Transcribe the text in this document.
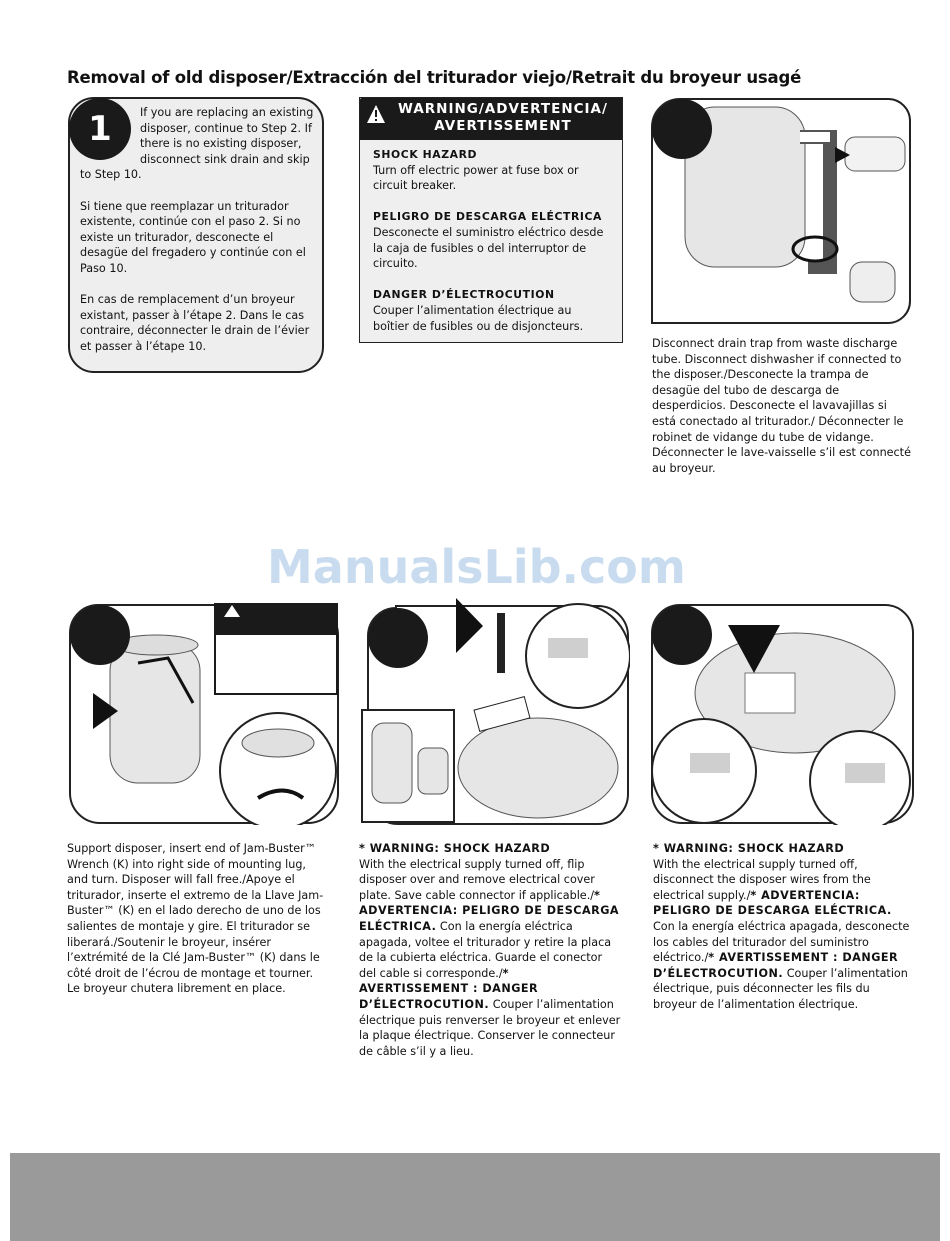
Removal of old disposer/Extracción del triturador viejo/Retrait du broyeur usagé

If you are replacing an existing disposer, continue to Step 2. If there is no existing disposer, disconnect sink drain and skip to Step 10.

Si tiene que reemplazar un triturador existente, continúe con el paso 2. Si no existe un triturador, desconecte el desagüe del fregadero y continúe con el Paso 10.

En cas de remplacement d’un broyeur existant, passer à l’étape 2. Dans le cas contraire, déconnecter le drain de l’évier et passer à l’étape 10.

1	WARNING/ADVERTENCIA/
AVERTISSEMENT
SHOCK HAZARD

Turn off electric power at fuse box or circuit breaker.

PELIGRO DE DESCARGA ELÉCTRICA

Desconecte el suministro eléctrico desde la caja de fusibles o del interruptor de circuito.

DANGER D’ÉLECTROCUTION

Couper l’alimentation électrique au boîtier de fusibles ou de disjoncteurs.

Disconnect drain trap from waste discharge tube. Disconnect dishwasher if connected to the disposer./Desconecte la trampa de desagüe del tubo de descarga de desperdicios. Desconecte el lavavajillas si está conectado al triturador./ Déconnecter le robinet de vidange du tube de vidange. Déconnecter le lave-vaisselle s’il est connecté au broyeur.
ManualsLib.com
Support disposer, insert end of Jam-Buster™ Wrench (K) into right side of mounting lug, and turn. Disposer will fall free./Apoye el triturador, inserte el extremo de la Llave Jam-Buster™ (K) en el lado derecho de uno de los salientes de montaje y gire. El triturador se liberará./Soutenir le broyeur, insérer l’extrémité de la Clé Jam-Buster™ (K) dans le côté droit de l’écrou de montage et tourner. Le broyeur chutera librement en place.
* WARNING: SHOCK HAZARD
With the electrical supply turned off, flip disposer over and remove electrical cover plate. Save cable connector if applicable./* ADVERTENCIA: PELIGRO DE DESCARGA ELÉCTRICA. Con la energía eléctrica apagada, voltee el triturador y retire la placa de la cubierta eléctrica. Guarde el conector del cable si corresponde./* AVERTISSEMENT : DANGER D’ÉLECTROCUTION. Couper l’alimentation électrique puis renverser le broyeur et enlever la plaque électrique. Conserver le connecteur de câble s’il y a lieu.
* WARNING: SHOCK HAZARD
With the electrical supply turned off, disconnect the disposer wires from the electrical supply./* ADVERTENCIA: PELIGRO DE DESCARGA ELÉCTRICA. Con la energía eléctrica apagada, desconecte los cables del triturador del suministro eléctrico./* AVERTISSEMENT : DANGER D’ÉLECTROCUTION. Couper l’alimentation électrique, puis déconnecter les fils du broyeur de l’alimentation électrique.
